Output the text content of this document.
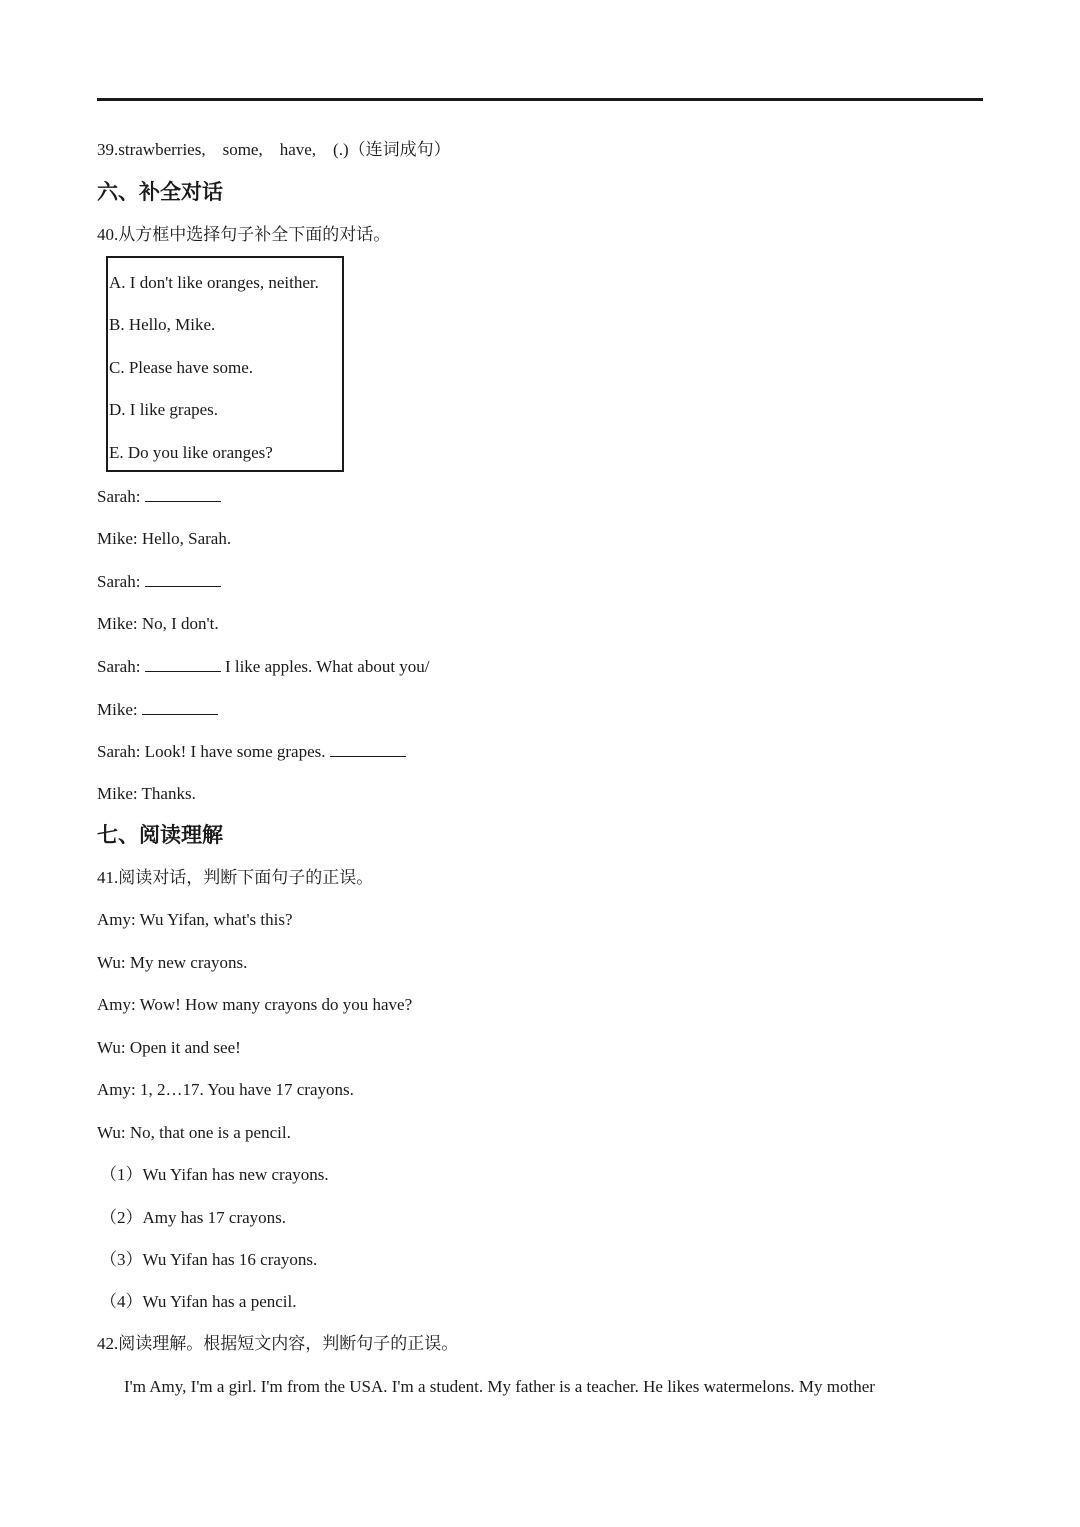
39.strawberries,    some,    have,    (.)（连词成句）
六、补全对话
40.从方框中选择句子补全下面的对话。
A. I don't like oranges, neither.
B. Hello, Mike.
C. Please have some.
D. I like grapes.
E. Do you like oranges?
Sarah:
Mike: Hello, Sarah.
Sarah:
Mike: No, I don't.
Sarah:	I like apples. What about you/
Mike:
Sarah: Look! I have some grapes.
Mike: Thanks.
七、阅读理解
41.阅读对话，判断下面句子的正误。
Amy: Wu Yifan, what's this?
Wu: My new crayons.
Amy: Wow! How many crayons do you have?
Wu: Open it and see!
Amy: 1, 2…17. You have 17 crayons.
Wu: No, that one is a pencil.
（1）Wu Yifan has new crayons.
（2）Amy has 17 crayons.
（3）Wu Yifan has 16 crayons.
（4）Wu Yifan has a pencil.
42.阅读理解。根据短文内容，判断句子的正误。
I'm Amy, I'm a girl. I'm from the USA. I'm a student. My father is a teacher. He likes watermelons. My mother
